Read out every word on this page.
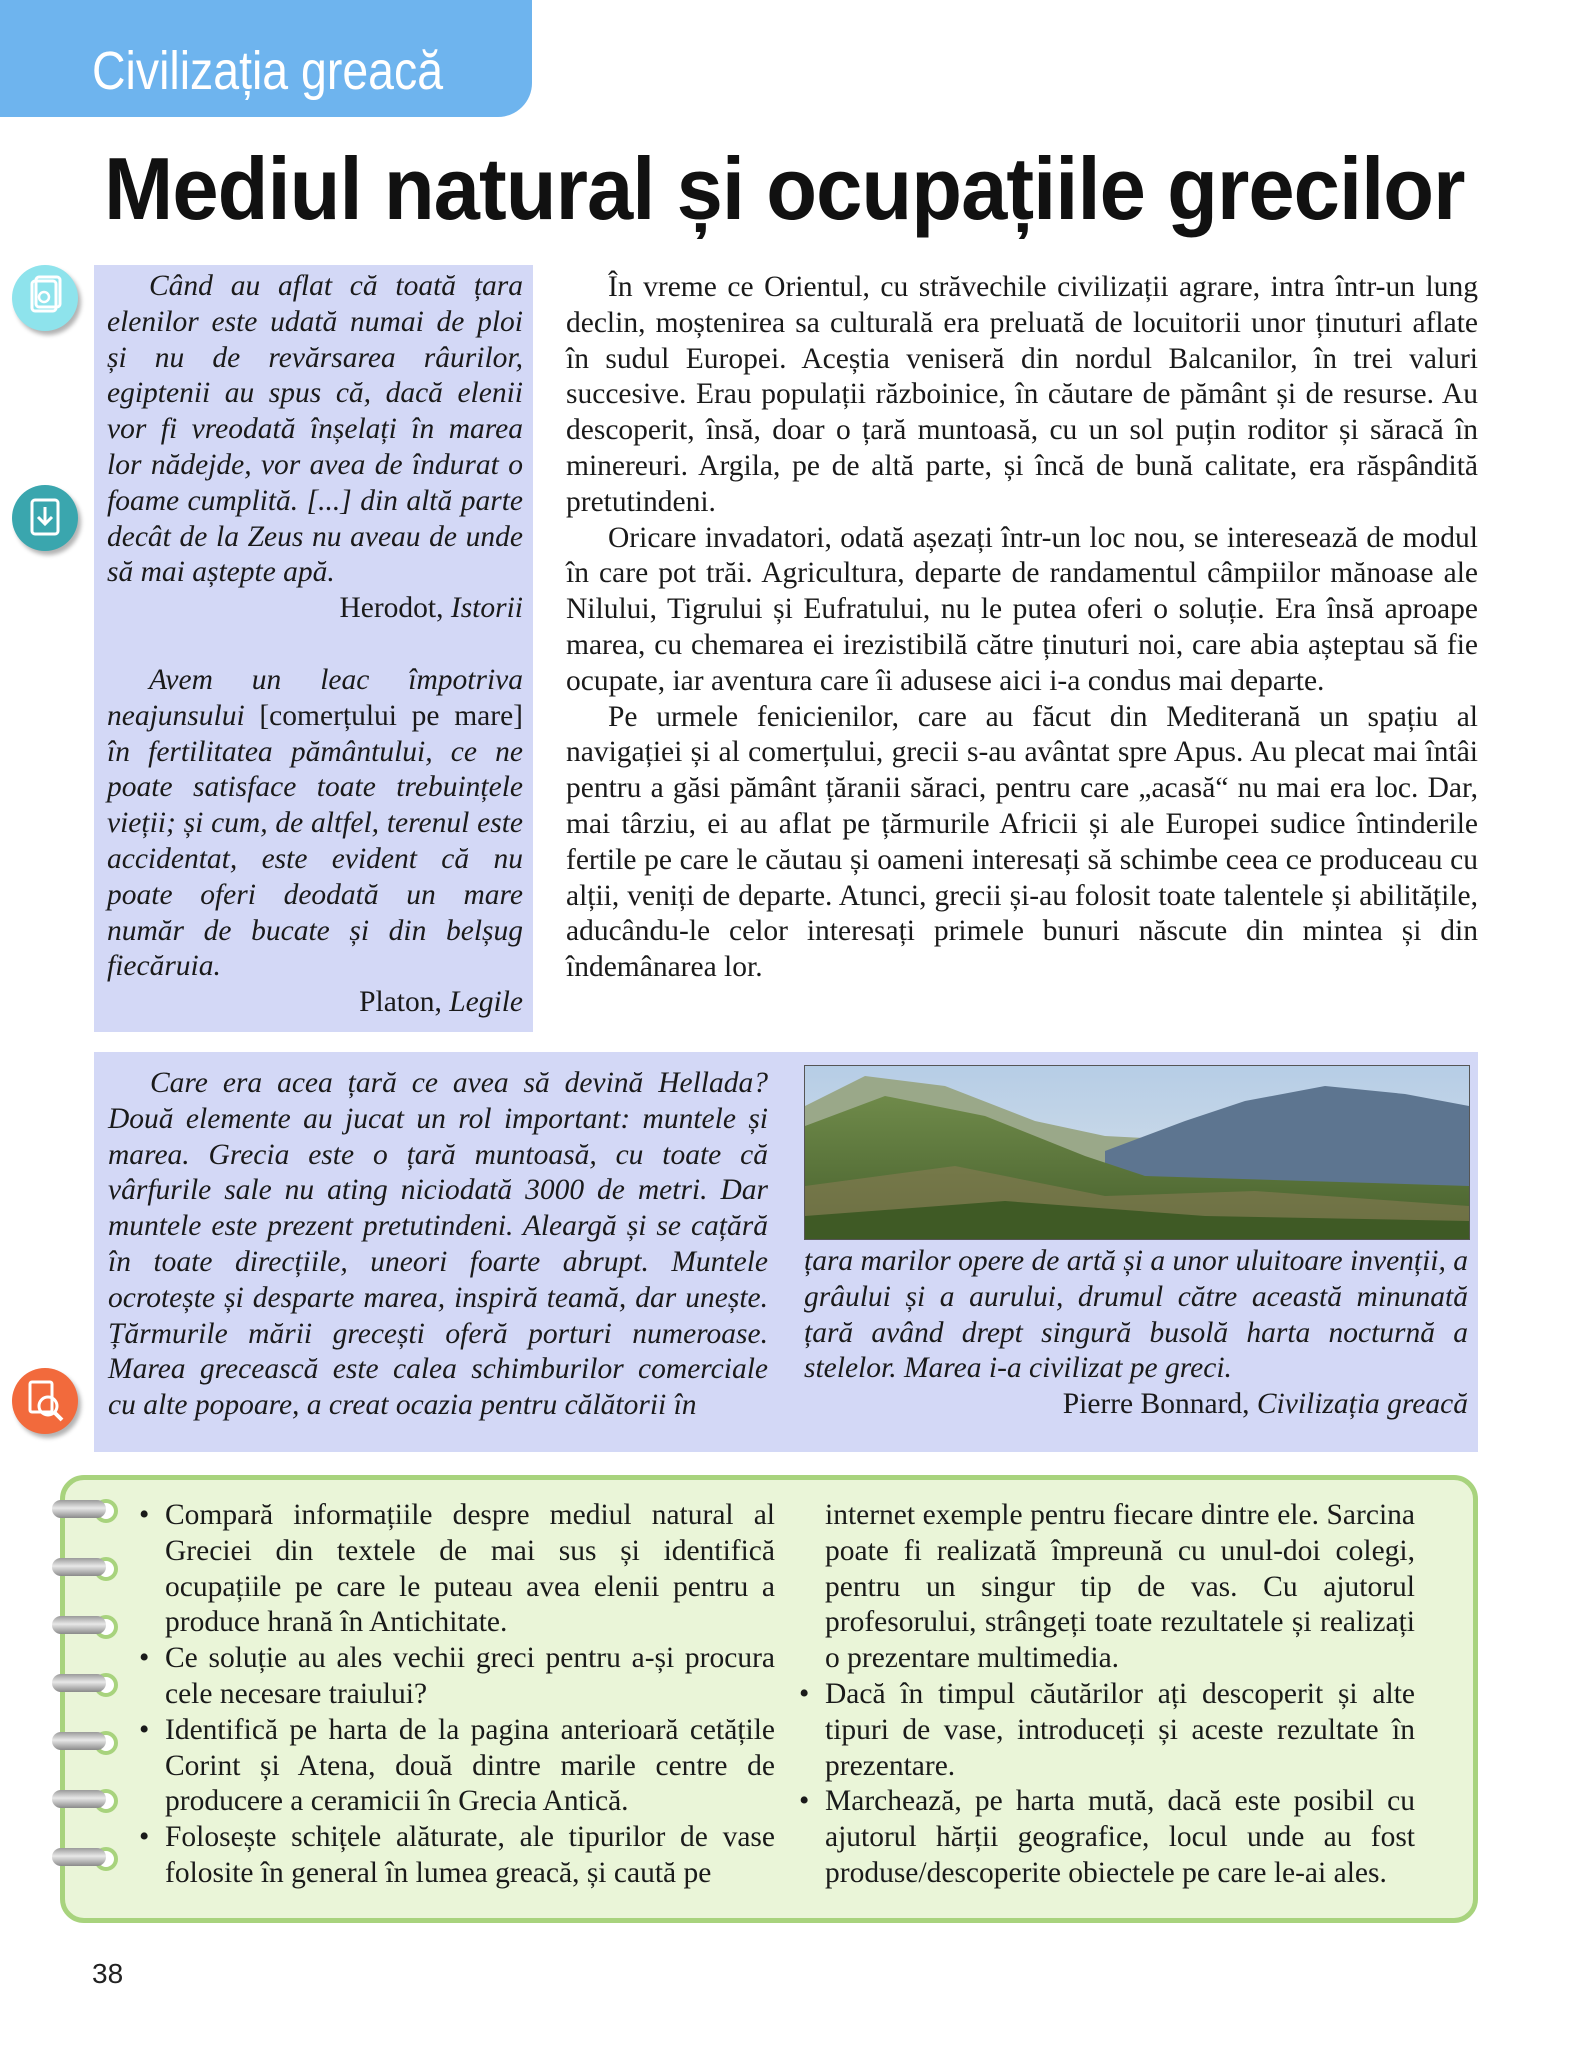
Civilizația greacă
Mediul natural și ocupațiile grecilor

Când au aflat că toată țara elenilor este udată numai de ploi și nu de revărsarea râurilor, egiptenii au spus că, dacă elenii vor fi vreodată înșelați în marea lor nădejde, vor avea de îndurat o foame cumplită. [...] din altă parte decât de la Zeus nu aveau de unde să mai aștepte apă.

Herodot, Istorii

Avem un leac împotriva neajunsului [comerțului pe mare] în fertilitatea pământului, ce ne poate satisface toate trebuințele vieții; și cum, de altfel, terenul este accidentat, este evident că nu poate oferi deodată un mare număr de bucate și din belșug fiecăruia.

Platon, Legile

În vreme ce Orientul, cu străvechile civilizații agrare, intra într-un lung declin, moștenirea sa culturală era preluată de locuitorii unor ținuturi aflate în sudul Europei. Aceștia veniseră din nordul Balcanilor, în trei valuri succesive. Erau populații războinice, în căutare de pământ și de resurse. Au descoperit, însă, doar o țară muntoasă, cu un sol puțin roditor și săracă în minereuri. Argila, pe de altă parte, și încă de bună calitate, era răspândită pretutindeni.

Oricare invadatori, odată așezați într-un loc nou, se interesează de modul în care pot trăi. Agricultura, departe de randamentul câmpiilor mănoase ale Nilului, Tigrului și Eufratului, nu le putea oferi o soluție. Era însă aproape marea, cu chemarea ei irezistibilă către ținuturi noi, care abia așteptau să fie ocupate, iar aventura care îi adusese aici i-a condus mai departe.

Pe urmele fenicienilor, care au făcut din Mediterană un spațiu al navigației și al comerțului, grecii s-au avântat spre Apus. Au plecat mai întâi pentru a găsi pământ țăranii săraci, pentru care „acasă“ nu mai era loc. Dar, mai târziu, ei au aflat pe țărmurile Africii și ale Europei sudice întinderile fertile pe care le căutau și oameni interesați să schimbe ceea ce produceau cu alții, veniți de departe. Atunci, grecii și-au folosit toate talentele și abilitățile, aducându-le celor interesați primele bunuri născute din mintea și din îndemânarea lor.

Care era acea țară ce avea să devină Hellada? Două elemente au jucat un rol important: muntele și marea. Grecia este o țară muntoasă, cu toate că vârfurile sale nu ating niciodată 3000 de metri. Dar muntele este prezent pretutindeni. Aleargă și se cațără în toate direcțiile, uneori foarte abrupt. Muntele ocrotește și desparte marea, inspiră teamă, dar unește. Țărmurile mării grecești oferă porturi numeroase. Marea grecească este calea schimburilor comerciale cu alte popoare, a creat ocazia pentru călătorii în

țara marilor opere de artă și a unor uluitoare invenții, a grâului și a aurului, drumul către această minunată țară având drept singură busolă harta nocturnă a stelelor. Marea i-a civilizat pe greci.

Pierre Bonnard, Civilizația greacă

• Compară informațiile despre mediul natural al Greciei din textele de mai sus și identifică ocupațiile pe care le puteau avea elenii pentru a produce hrană în Antichitate.
• Ce soluție au ales vechii greci pentru a-și procura cele necesare traiului?
• Identifică pe harta de la pagina anterioară cetățile Corint și Atena, două dintre marile centre de producere a ceramicii în Grecia Antică.
• Folosește schițele alăturate, ale tipurilor de vase folosite în general în lumea greacă, și caută pe
internet exemple pentru fiecare dintre ele. Sarcina poate fi realizată împreună cu unul-doi colegi, pentru un singur tip de vas. Cu ajutorul profesorului, strângeți toate rezultatele și realizați o prezentare multimedia.
• Dacă în timpul căutărilor ați descoperit și alte tipuri de vase, introduceți și aceste rezultate în prezentare.
• Marchează, pe harta mută, dacă este posibil cu ajutorul hărții geografice, locul unde au fost produse/descoperite obiectele pe care le-ai ales.
38
